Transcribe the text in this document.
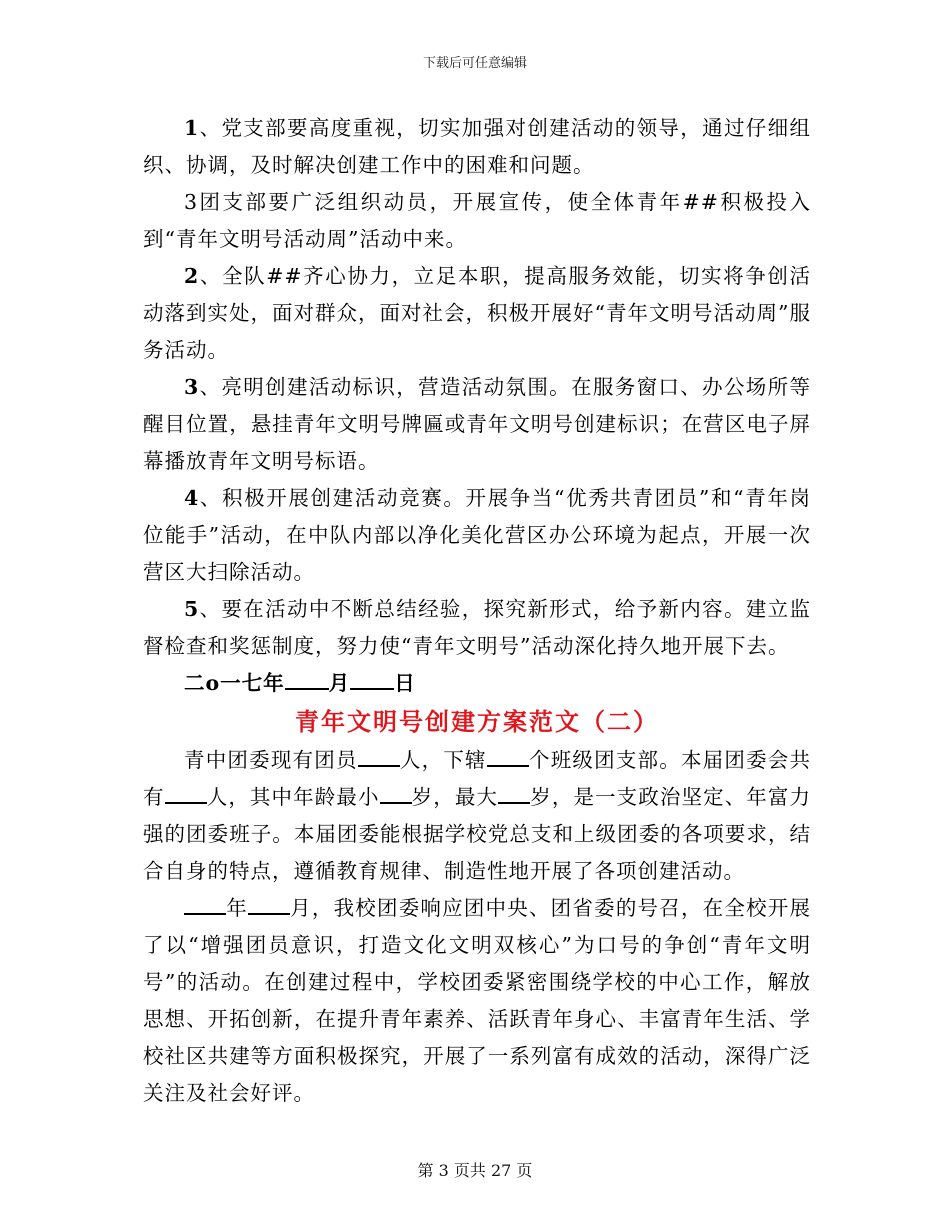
下载后可任意编辑

1、党支部要高度重视，切实加强对创建活动的领导，通过仔细组织、协调，及时解决创建工作中的困难和问题。

3团支部要广泛组织动员，开展宣传，使全体青年##积极投入到“青年文明号活动周”活动中来。

2、全队##齐心协力，立足本职，提高服务效能，切实将争创活动落到实处，面对群众，面对社会，积极开展好“青年文明号活动周”服务活动。

3、亮明创建活动标识，营造活动氛围。在服务窗口、办公场所等醒目位置，悬挂青年文明号牌匾或青年文明号创建标识；在营区电子屏幕播放青年文明号标语。

4、积极开展创建活动竞赛。开展争当“优秀共青团员”和“青年岗位能手”活动，在中队内部以净化美化营区办公环境为起点，开展一次营区大扫除活动。

5、要在活动中不断总结经验，探究新形式，给予新内容。建立监督检查和奖惩制度，努力使“青年文明号”活动深化持久地开展下去。

二o一七年 月 日

青年文明号创建方案范文（二）

青中团委现有团员 人，下辖 个班级团支部。本届团委会共有 人，其中年龄最小 岁，最大 岁，是一支政治坚定、年富力强的团委班子。本届团委能根据学校党总支和上级团委的各项要求，结合自身的特点，遵循教育规律、制造性地开展了各项创建活动。

年 月，我校团委响应团中央、团省委的号召，在全校开展了以“增强团员意识，打造文化文明双核心”为口号的争创“青年文明号”的活动。在创建过程中，学校团委紧密围绕学校的中心工作，解放思想、开拓创新，在提升青年素养、活跃青年身心、丰富青年生活、学校社区共建等方面积极探究，开展了一系列富有成效的活动，深得广泛关注及社会好评。

第 3 页共 27 页
